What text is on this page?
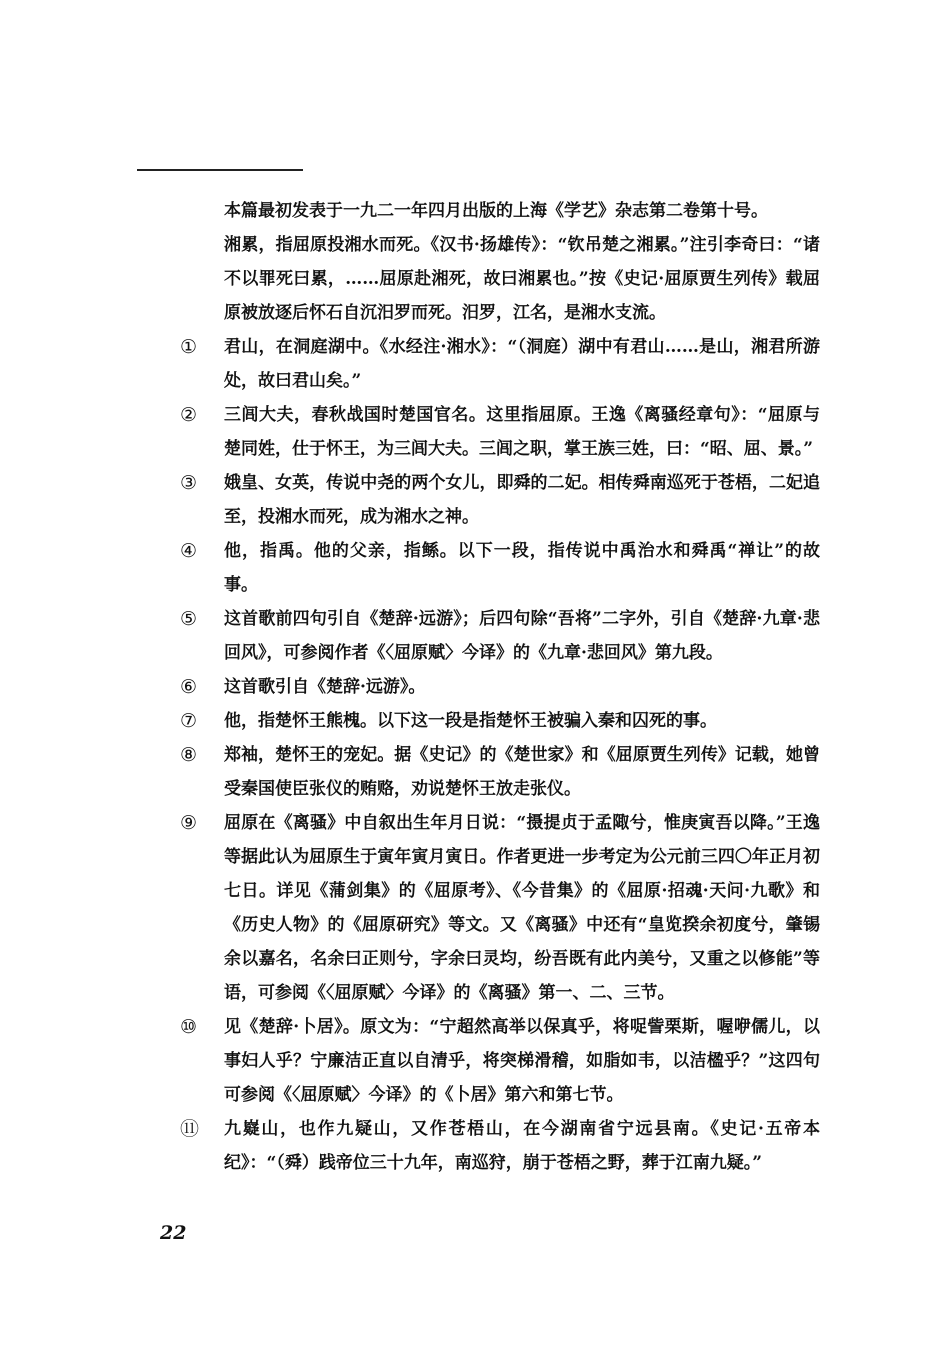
本篇最初发表于一九二一年四月出版的上海《学艺》杂志第二卷第十号。

湘累，指屈原投湘水而死。《汉书·扬雄传》：“钦吊楚之湘累。”注引李奇曰：“诸不以罪死曰累，……屈原赴湘死，故曰湘累也。”按《史记·屈原贾生列传》载屈原被放逐后怀石自沉汨罗而死。汨罗，江名，是湘水支流。

①	君山，在洞庭湖中。《水经注·湘水》：“（洞庭）湖中有君山……是山，湘君所游处，故曰君山矣。”
②	三闾大夫，春秋战国时楚国官名。这里指屈原。王逸《离骚经章句》：“屈原与楚同姓，仕于怀王，为三闾大夫。三闾之职，掌王族三姓，曰：“昭、屈、景。”
③	娥皇、女英，传说中尧的两个女儿，即舜的二妃。相传舜南巡死于苍梧，二妃追至，投湘水而死，成为湘水之神。
④	他，指禹。他的父亲，指鲧。以下一段，指传说中禹治水和舜禹“禅让”的故事。
⑤	这首歌前四句引自《楚辞·远游》；后四句除“吾将”二字外，引自《楚辞·九章·悲回风》，可参阅作者《〈屈原赋〉今译》的《九章·悲回风》第九段。
⑥	这首歌引自《楚辞·远游》。
⑦	他，指楚怀王熊槐。以下这一段是指楚怀王被骗入秦和囚死的事。
⑧	郑袖，楚怀王的宠妃。据《史记》的《楚世家》和《屈原贾生列传》记载，她曾受秦国使臣张仪的贿赂，劝说楚怀王放走张仪。
⑨	屈原在《离骚》中自叙出生年月日说：“摄提贞于孟陬兮，惟庚寅吾以降。”王逸等据此认为屈原生于寅年寅月寅日。作者更进一步考定为公元前三四〇年正月初七日。详见《蒲剑集》的《屈原考》、《今昔集》的《屈原·招魂·天问·九歌》和《历史人物》的《屈原研究》等文。又《离骚》中还有“皇览揆余初度兮，肇锡余以嘉名，名余曰正则兮，字余曰灵均，纷吾既有此内美兮，又重之以修能”等语，可参阅《〈屈原赋〉今译》的《离骚》第一、二、三节。
⑩	见《楚辞·卜居》。原文为：“宁超然高举以保真乎，将哫訾栗斯，喔咿儒儿，以事妇人乎？宁廉洁正直以自清乎，将突梯滑稽，如脂如韦，以洁楹乎？”这四句可参阅《〈屈原赋〉今译》的《卜居》第六和第七节。
⑪	九嶷山，也作九疑山，又作苍梧山，在今湖南省宁远县南。《史记·五帝本纪》：“（舜）践帝位三十九年，南巡狩，崩于苍梧之野，葬于江南九疑。”
22
